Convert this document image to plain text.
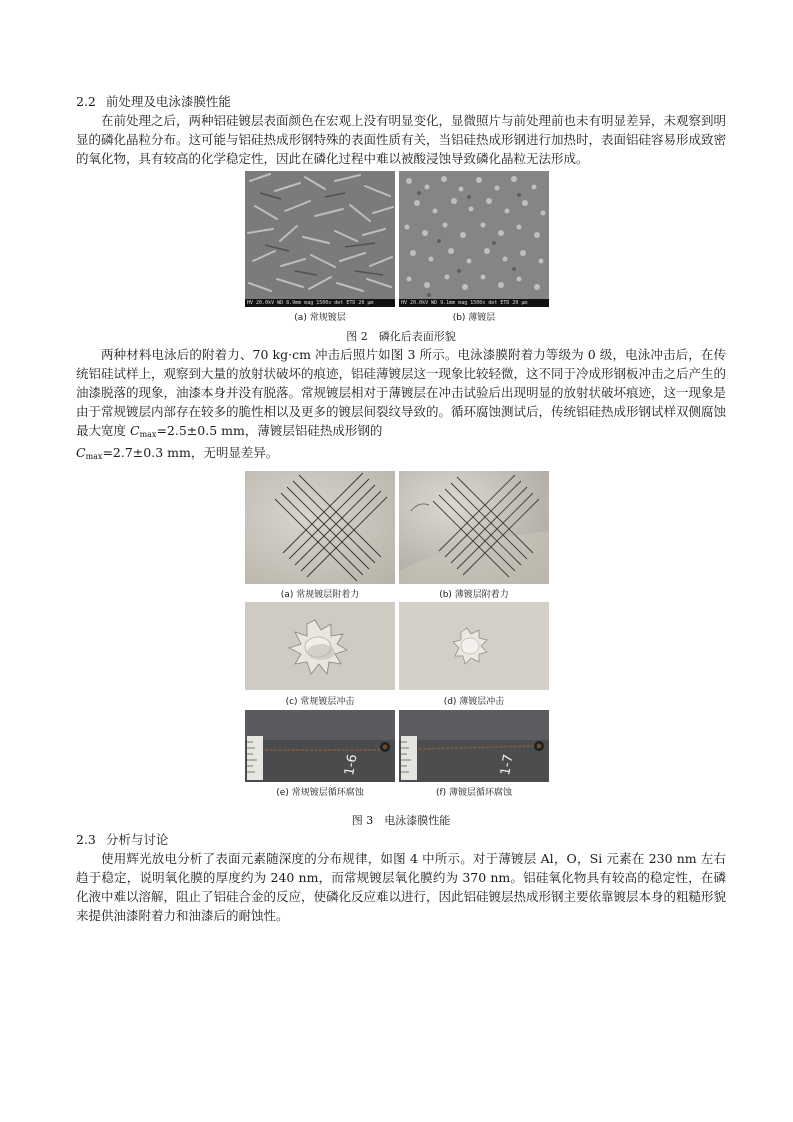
2.2 前处理及电泳漆膜性能

在前处理之后，两种铝硅镀层表面颜色在宏观上没有明显变化，显微照片与前处理前也未有明显差异，未观察到明显的磷化晶粒分布。这可能与铝硅热成形钢特殊的表面性质有关，当铝硅热成形钢进行加热时，表面铝硅容易形成致密的氧化物，具有较高的化学稳定性，因此在磷化过程中难以被酸浸蚀导致磷化晶粒无法形成。

HV 20.0kV WD 8.9mm mag 1500x det ETD 20 μm	HV 20.0kV WD 9.1mm mag 1500x det ETD 20 μm
(a) 常规镀层	(b) 薄镀层
图 2　磷化后表面形貌

两种材料电泳后的附着力、70 kg·cm 冲击后照片如图 3 所示。电泳漆膜附着力等级为 0 级，电泳冲击后，在传统铝硅试样上，观察到大量的放射状破坏的痕迹，铝硅薄镀层这一现象比较轻微，这不同于冷成形钢板冲击之后产生的油漆脱落的现象，油漆本身并没有脱落。常规镀层相对于薄镀层在冲击试验后出现明显的放射状破坏痕迹，这一现象是由于常规镀层内部存在较多的脆性相以及更多的镀层间裂纹导致的。循环腐蚀测试后，传统铝硅热成形钢试样双侧腐蚀最大宽度 $C_{max}=2.5\pm 0.5$ mm，薄镀层铝硅热成形钢的

$C_{max}=2.7\pm 0.3$ mm，无明显差异。

(a) 常规镀层附着力	(b) 薄镀层附着力
(c) 常规镀层冲击	(d) 薄镀层冲击
1-6	1-7
(e) 常规镀层循环腐蚀	(f) 薄镀层循环腐蚀
图 3　电泳漆膜性能
2.3 分析与讨论

使用辉光放电分析了表面元素随深度的分布规律，如图 4 中所示。对于薄镀层 Al，O，Si 元素在 230 nm 左右趋于稳定，说明氧化膜的厚度约为 240 nm，而常规镀层氧化膜约为 370 nm。铝硅氧化物具有较高的稳定性，在磷化液中难以溶解，阻止了铝硅合金的反应，使磷化反应难以进行，因此铝硅镀层热成形钢主要依靠镀层本身的粗糙形貌来提供油漆附着力和油漆后的耐蚀性。
